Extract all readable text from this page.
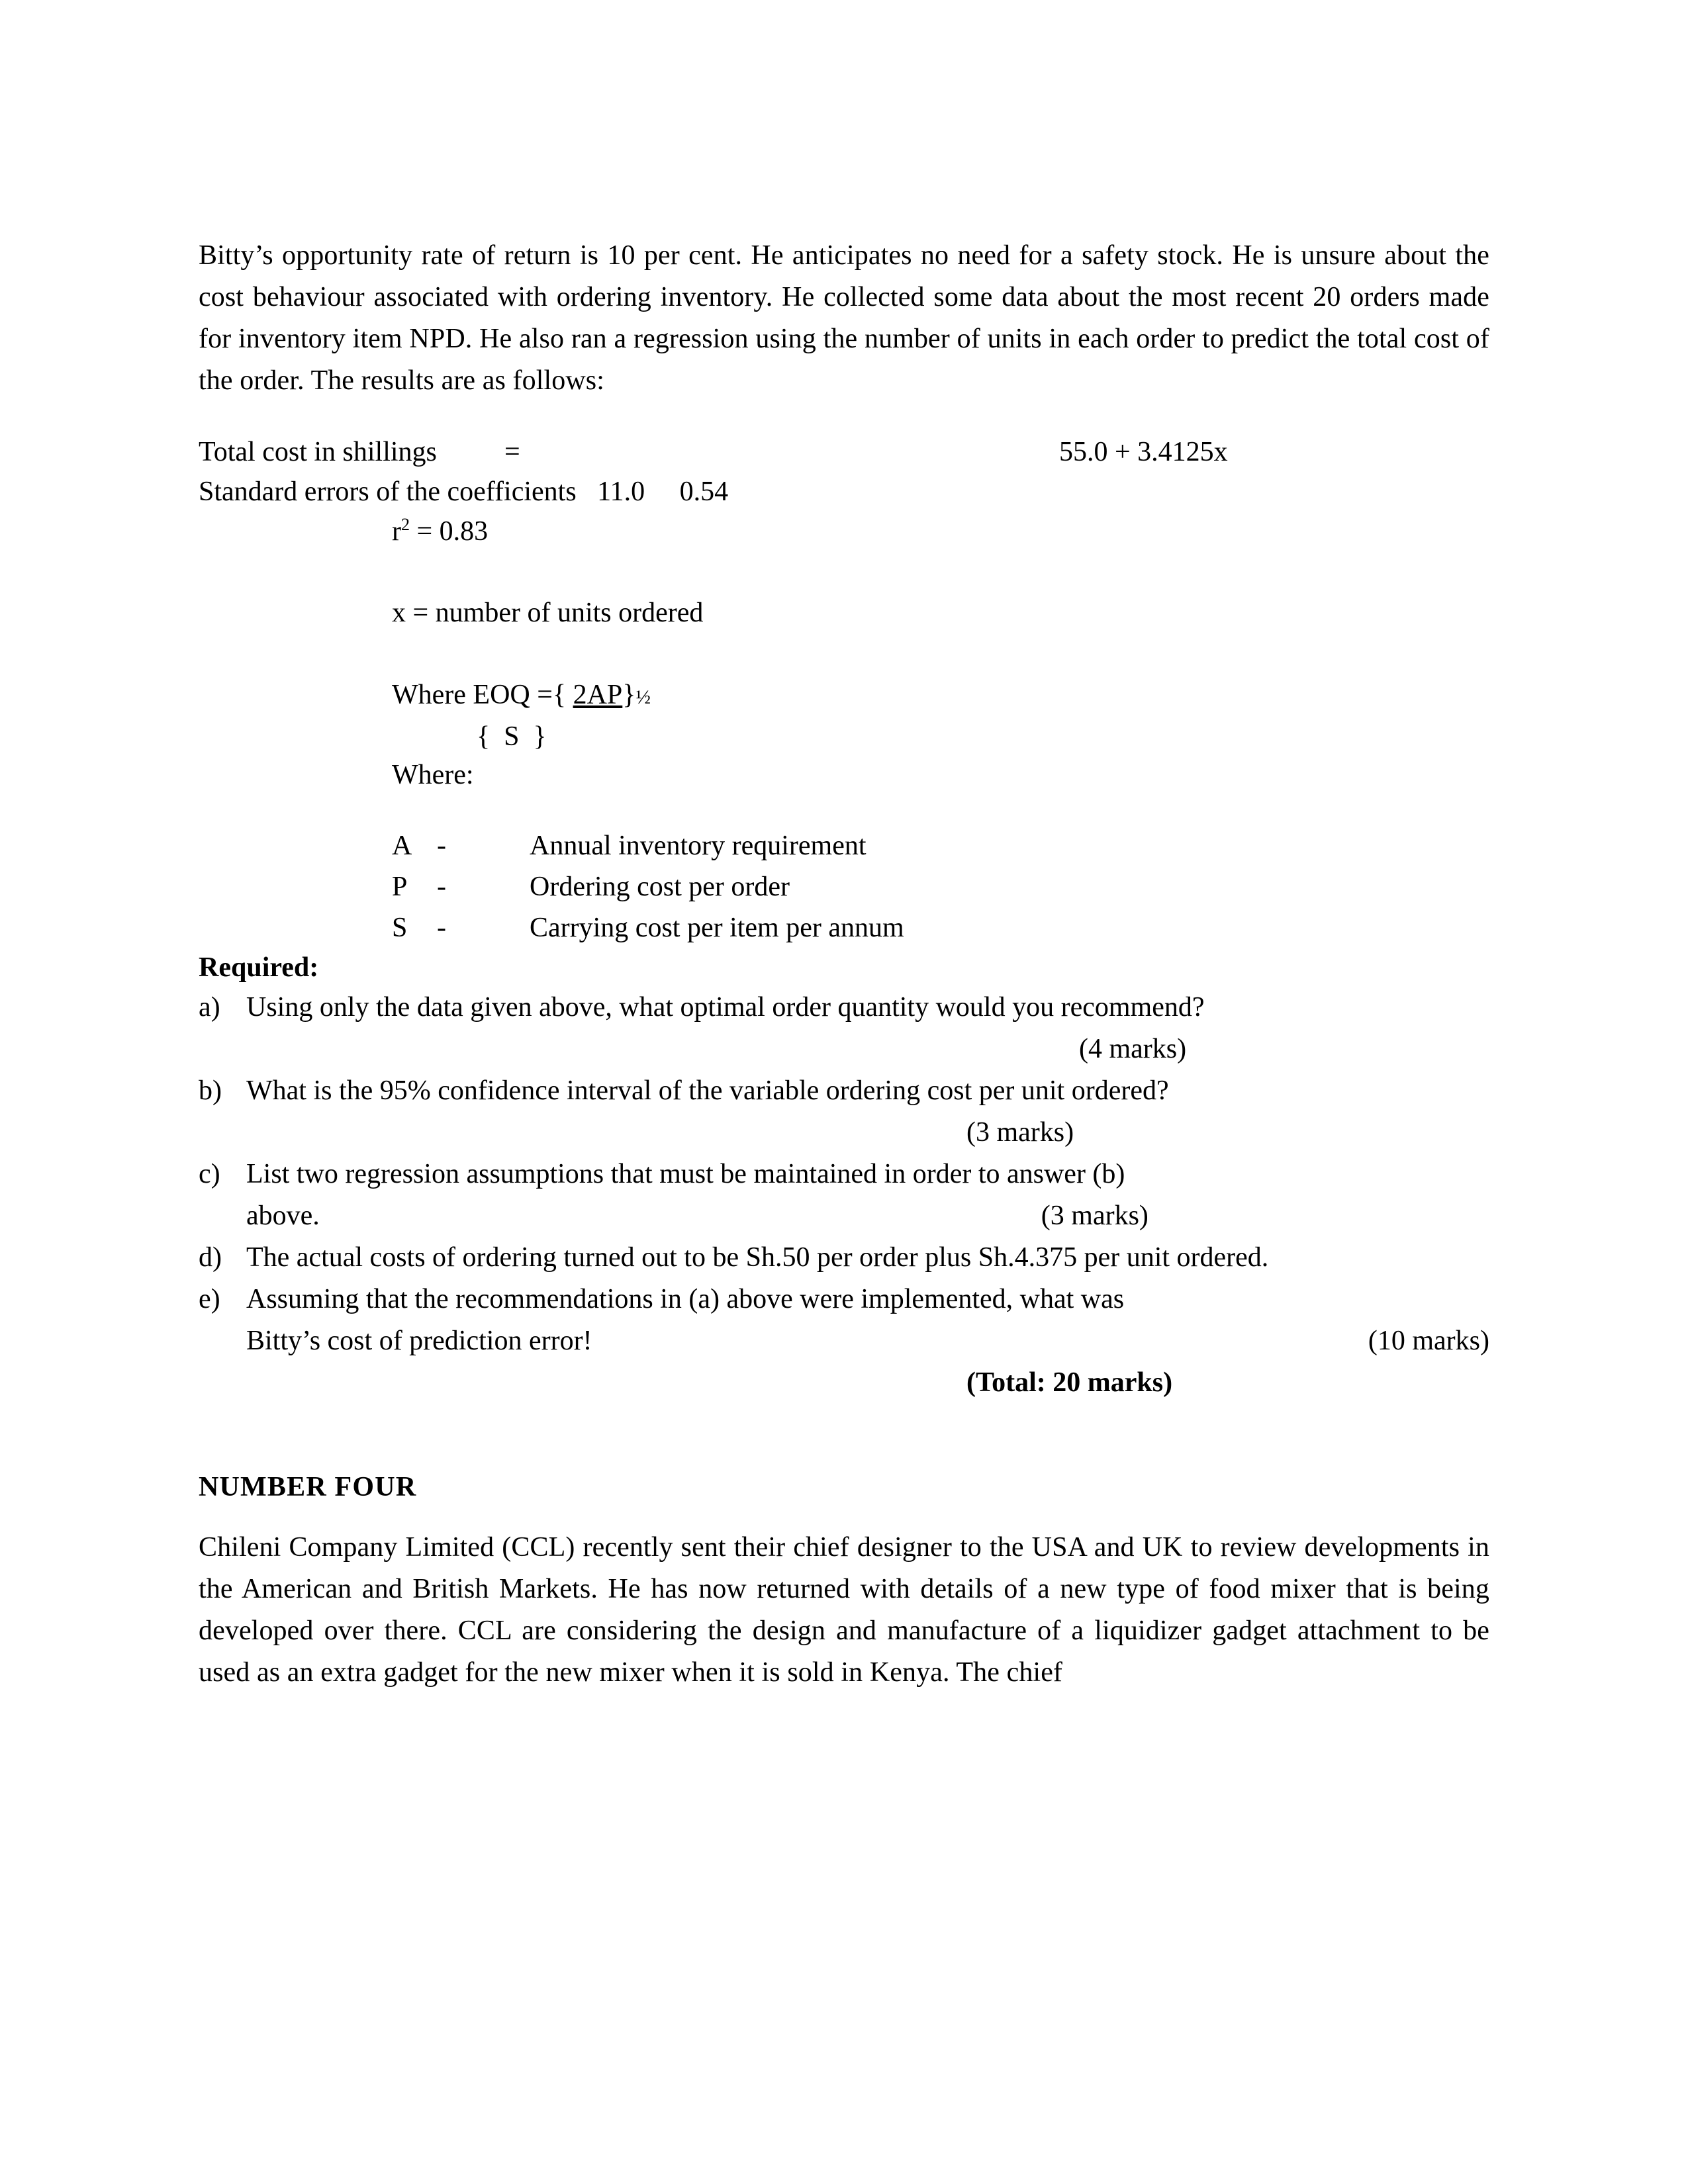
Bitty’s opportunity rate of return is 10 per cent. He anticipates no need for a safety stock. He is unsure about the cost behaviour associated with ordering inventory. He collected some data about the most recent 20 orders made for inventory item NPD. He also ran a regression using the number of units in each order to predict the total cost of the order. The results are as follows:

Total cost in shillings	=	55.0 + 3.4125x
Standard errors of the coefficients 11.0 0.54

$r^2 = 0.83$

x = number of units ordered

Where EOQ ={ 2AP}½

{  S  }

Where:

A -	Annual inventory requirement
P	-	Ordering cost per order
S	-	Carrying cost per item per annum

Required:

a) Using only the data given above, what optimal order quantity would you recommend?

(4 marks)

b) What is the 95% confidence interval of the variable ordering cost per unit ordered?

(3 marks)

c) List two regression assumptions that must be maintained in order to answer (b)
above.	(3 marks)
d) The actual costs of ordering turned out to be Sh.50 per order plus Sh.4.375 per unit ordered.
e) Assuming that the recommendations in (a) above were implemented, what was
Bitty’s cost of prediction error!	(10 marks)

(Total: 20 marks)

NUMBER FOUR

Chileni Company Limited (CCL) recently sent their chief designer to the USA and UK to review developments in the American and British Markets. He has now returned with details of a new type of food mixer that is being developed over there. CCL are considering the design and manufacture of a liquidizer gadget attachment to be used as an extra gadget for the new mixer when it is sold in Kenya. The chief
